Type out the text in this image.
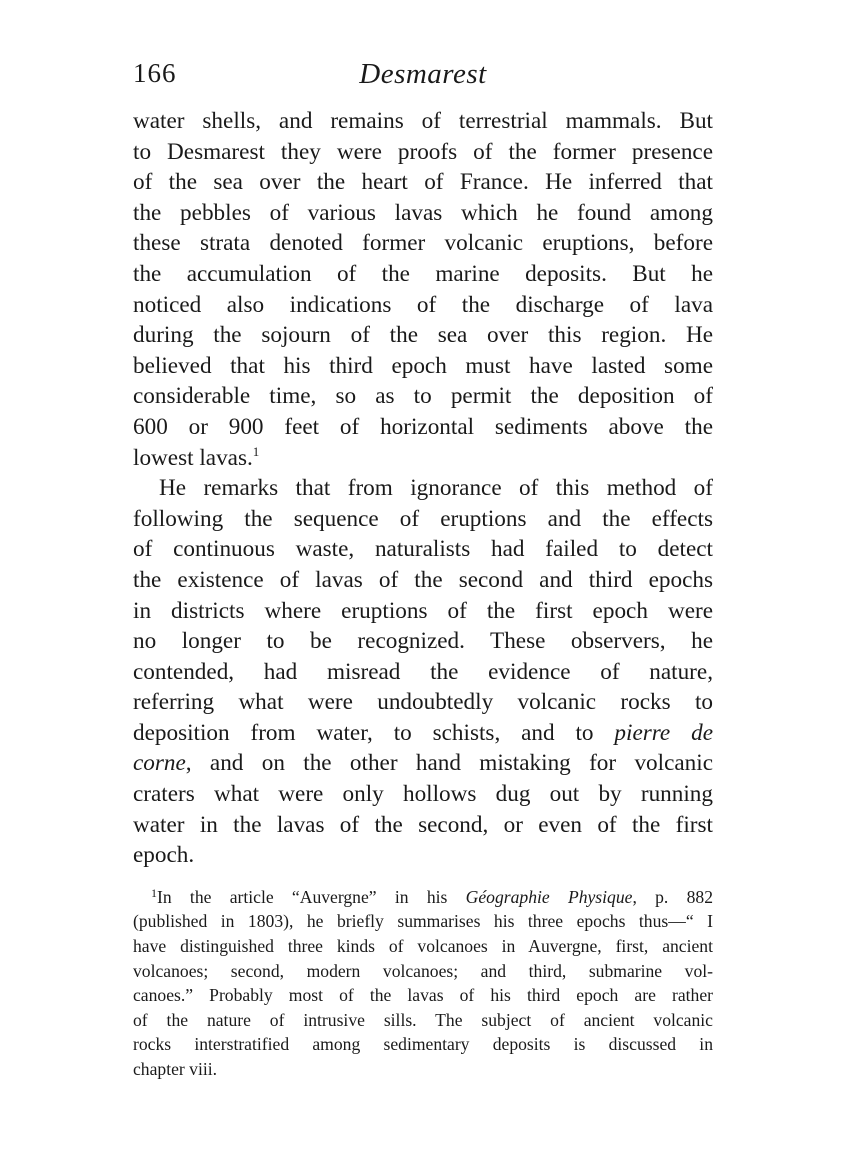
166	Desmarest

water shells, and remains of terrestrial mammals. But
to Desmarest they were proofs of the former presence
of the sea over the heart of France. He inferred that
the pebbles of various lavas which he found among
these strata denoted former volcanic eruptions, before
the accumulation of the marine deposits. But he
noticed also indications of the discharge of lava
during the sojourn of the sea over this region. He
believed that his third epoch must have lasted some
considerable time, so as to permit the deposition of
600 or 900 feet of horizontal sediments above the
lowest lavas.$^1$

He remarks that from ignorance of this method of
following the sequence of eruptions and the effects
of continuous waste, naturalists had failed to detect
the existence of lavas of the second and third epochs
in districts where eruptions of the first epoch were
no longer to be recognized. These observers, he
contended, had misread the evidence of nature,
referring what were undoubtedly volcanic rocks to
deposition from water, to schists, and to pierre de
corne, and on the other hand mistaking for volcanic
craters what were only hollows dug out by running
water in the lavas of the second, or even of the first
epoch.

$^1$In the article “Auvergne” in his Géographie Physique, p. 882
(published in 1803), he briefly summarises his three epochs thus—“ I
have distinguished three kinds of volcanoes in Auvergne, first, ancient
volcanoes; second, modern volcanoes; and third, submarine vol-
canoes.” Probably most of the lavas of his third epoch are rather
of the nature of intrusive sills. The subject of ancient volcanic
rocks interstratified among sedimentary deposits is discussed in
chapter viii.
